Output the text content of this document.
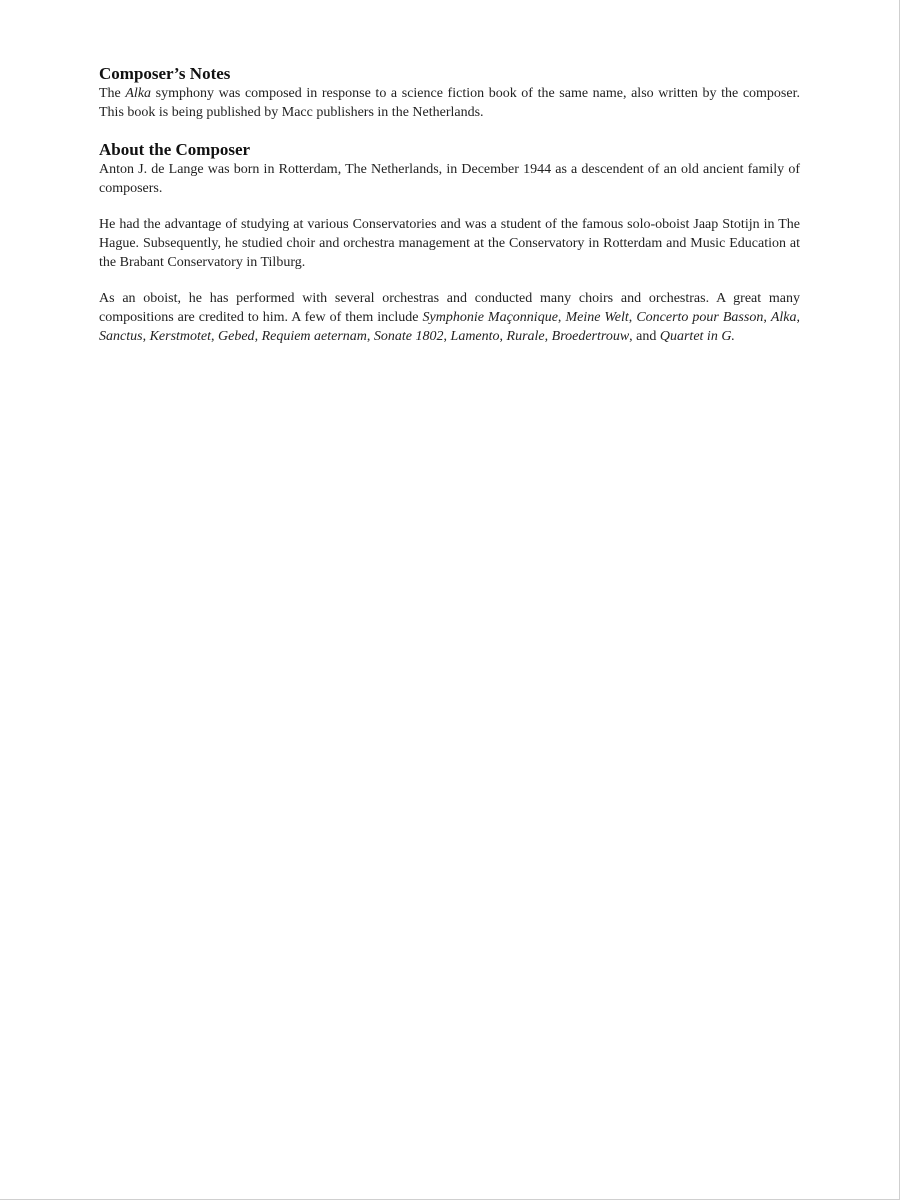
Composer’s Notes

The Alka symphony was composed in response to a science fiction book of the same name, also written by the composer. This book is being published by Macc publishers in the Netherlands.

About the Composer

Anton J. de Lange was born in Rotterdam, The Netherlands, in December 1944 as a descendent of an old ancient family of composers.

He had the advantage of studying at various Conservatories and was a student of the famous solo-oboist Jaap Stotijn in The Hague. Subsequently, he studied choir and orchestra management at the Conservatory in Rotterdam and Music Education at the Brabant Conservatory in Tilburg.

As an oboist, he has performed with several orchestras and conducted many choirs and orchestras. A great many compositions are credited to him. A few of them include Symphonie Maçonnique, Meine Welt, Concerto pour Basson, Alka, Sanctus, Kerstmotet, Gebed, Requiem aeternam, Sonate 1802, Lamento, Rurale, Broedertrouw, and Quartet in G.
